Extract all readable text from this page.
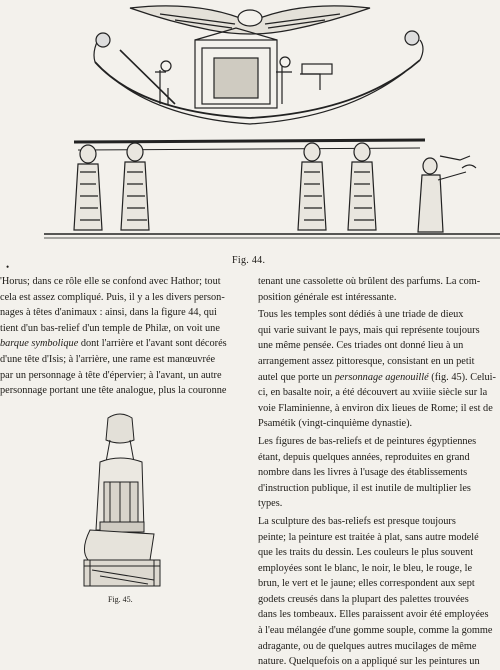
Fig. 44.
•

'Horus; dans ce rôle elle se confond avec Hathor; tout

cela est assez compliqué. Puis, il y a les divers person-

nages à têtes d'animaux : ainsi, dans la figure 44, qui

tient d'un bas-relief d'un temple de Philæ, on voit une

barque symbolique dont l'arrière et l'avant sont décorés

d'une tête d'Isis; à l'arrière, une rame est manœuvrée

par un personnage à tête d'épervier; à l'avant, un autre

personnage portant une tête analogue, plus la couronne

Fig. 45.

tenant une cassolette où brûlent des parfums. La com-

position générale est intéressante.

Tous les temples sont dédiés à une triade de dieux

qui varie suivant le pays, mais qui représente toujours

une même pensée. Ces triades ont donné lieu à un

arrangement assez pittoresque, consistant en un petit

autel que porte un personnage agenouillé (fig. 45). Celui-

ci, en basalte noir, a été découvert au xviiie siècle sur la

voie Flaminienne, à environ dix lieues de Rome; il est de

Psamétik (vingt-cinquième dynastie).

Les figures de bas-reliefs et de peintures égyptiennes

étant, depuis quelques années, reproduites en grand

nombre dans les livres à l'usage des établissements

d'instruction publique, il est inutile de multiplier les

types.

La sculpture des bas-reliefs est presque toujours

peinte; la peinture est traitée à plat, sans autre modelé

que les traits du dessin. Les couleurs le plus souvent

employées sont le blanc, le noir, le bleu, le rouge, le

brun, le vert et le jaune; elles correspondent aux sept

godets creusés dans la plupart des palettes trouvées

dans les tombeaux. Elles paraissent avoir été employées

à l'eau mélangée d'une gomme souple, comme la gomme

adragante, ou de quelques autres mucilages de même

nature. Quelquefois on a appliqué sur les peintures un
